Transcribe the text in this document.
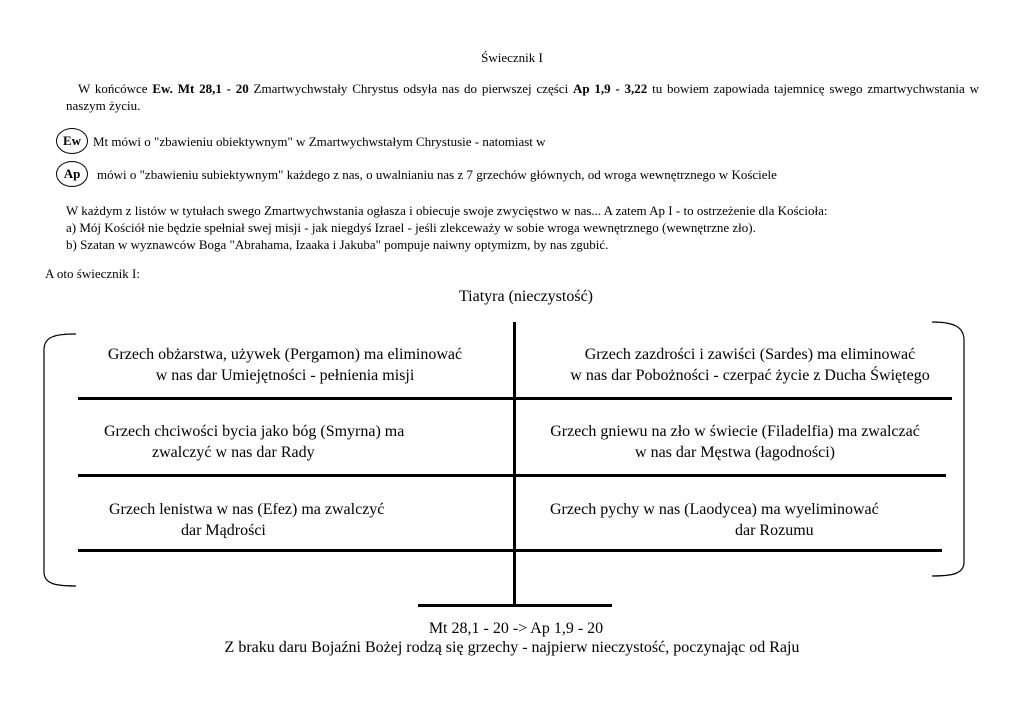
Świecznik I
W końcówce Ew. Mt 28,1 - 20 Zmartwychwstały Chrystus odsyła nas do pierwszej części Ap 1,9 - 3,22 tu bowiem zapowiada tajemnicę swego zmartwychwstania w naszym życiu.
Ew Mt mówi o "zbawieniu obiektywnym" w Zmartwychwstałym Chrystusie - natomiast w
Ap	mówi o "zbawieniu subiektywnym" każdego z nas, o uwalnianiu nas z 7 grzechów głównych, od wroga wewnętrznego w Kościele
W każdym z listów w tytułach swego Zmartwychwstania ogłasza i obiecuje swoje zwycięstwo w nas... A zatem Ap I - to ostrzeżenie dla Kościoła:
a) Mój Kościół nie będzie spełniał swej misji - jak niegdyś Izrael - jeśli zlekceważy w sobie wroga wewnętrznego (wewnętrzne zło).
b) Szatan w wyznawców Boga "Abrahama, Izaaka i Jakuba" pompuje naiwny optymizm, by nas zgubić.
A oto świecznik I:
Tiatyra (nieczystość)
Grzech obżarstwa, używek (Pergamon) ma eliminować
w nas dar Umiejętności - pełnienia misji
Grzech zazdrości i zawiści (Sardes) ma eliminować
w nas dar Pobożności - czerpać życie z Ducha Świętego
Grzech chciwości bycia jako bóg (Smyrna) ma
zwalczyć w nas dar Rady
Grzech gniewu na zło w świecie (Filadelfia) ma zwalczać
w nas dar Męstwa (łagodności)
Grzech lenistwa w nas (Efez) ma zwalczyć
dar Mądrości
Grzech pychy w nas (Laodycea) ma wyeliminować
dar Rozumu
Mt 28,1 - 20 -> Ap 1,9 - 20
Z braku daru Bojaźni Bożej rodzą się grzechy - najpierw nieczystość, poczynając od Raju
